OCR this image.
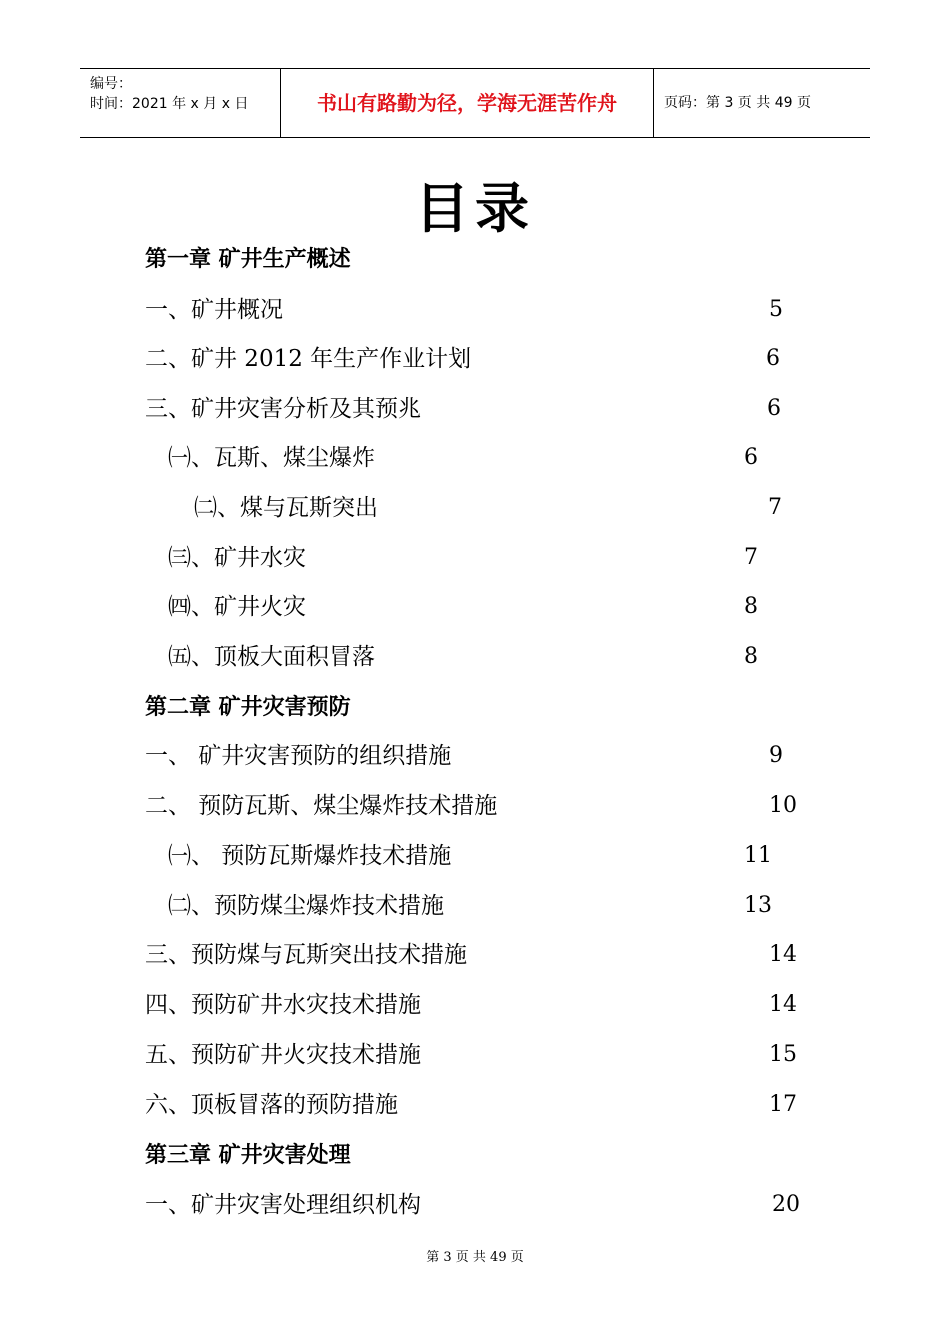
编号：
时间：2021 年 x 月 x 日	书山有路勤为径，学海无涯苦作舟	页码：第 3 页 共 49 页
目录
第一章 矿井生产概述
一、矿井概况	5
二、矿井 2012 年生产作业计划	6
三、矿井灾害分析及其预兆	6
㈠、瓦斯、煤尘爆炸	6
㈡、煤与瓦斯突出	7
㈢、矿井水灾	7
㈣、矿井火灾	8
㈤、顶板大面积冒落	8
第二章 矿井灾害预防
一、 矿井灾害预防的组织措施	9
二、 预防瓦斯、煤尘爆炸技术措施	10
㈠、 预防瓦斯爆炸技术措施	11
㈡、预防煤尘爆炸技术措施	13
三、预防煤与瓦斯突出技术措施	14
四、预防矿井水灾技术措施	14
五、预防矿井火灾技术措施	15
六、顶板冒落的预防措施	17
第三章 矿井灾害处理
一、矿井灾害处理组织机构	20
第 3 页 共 49 页
